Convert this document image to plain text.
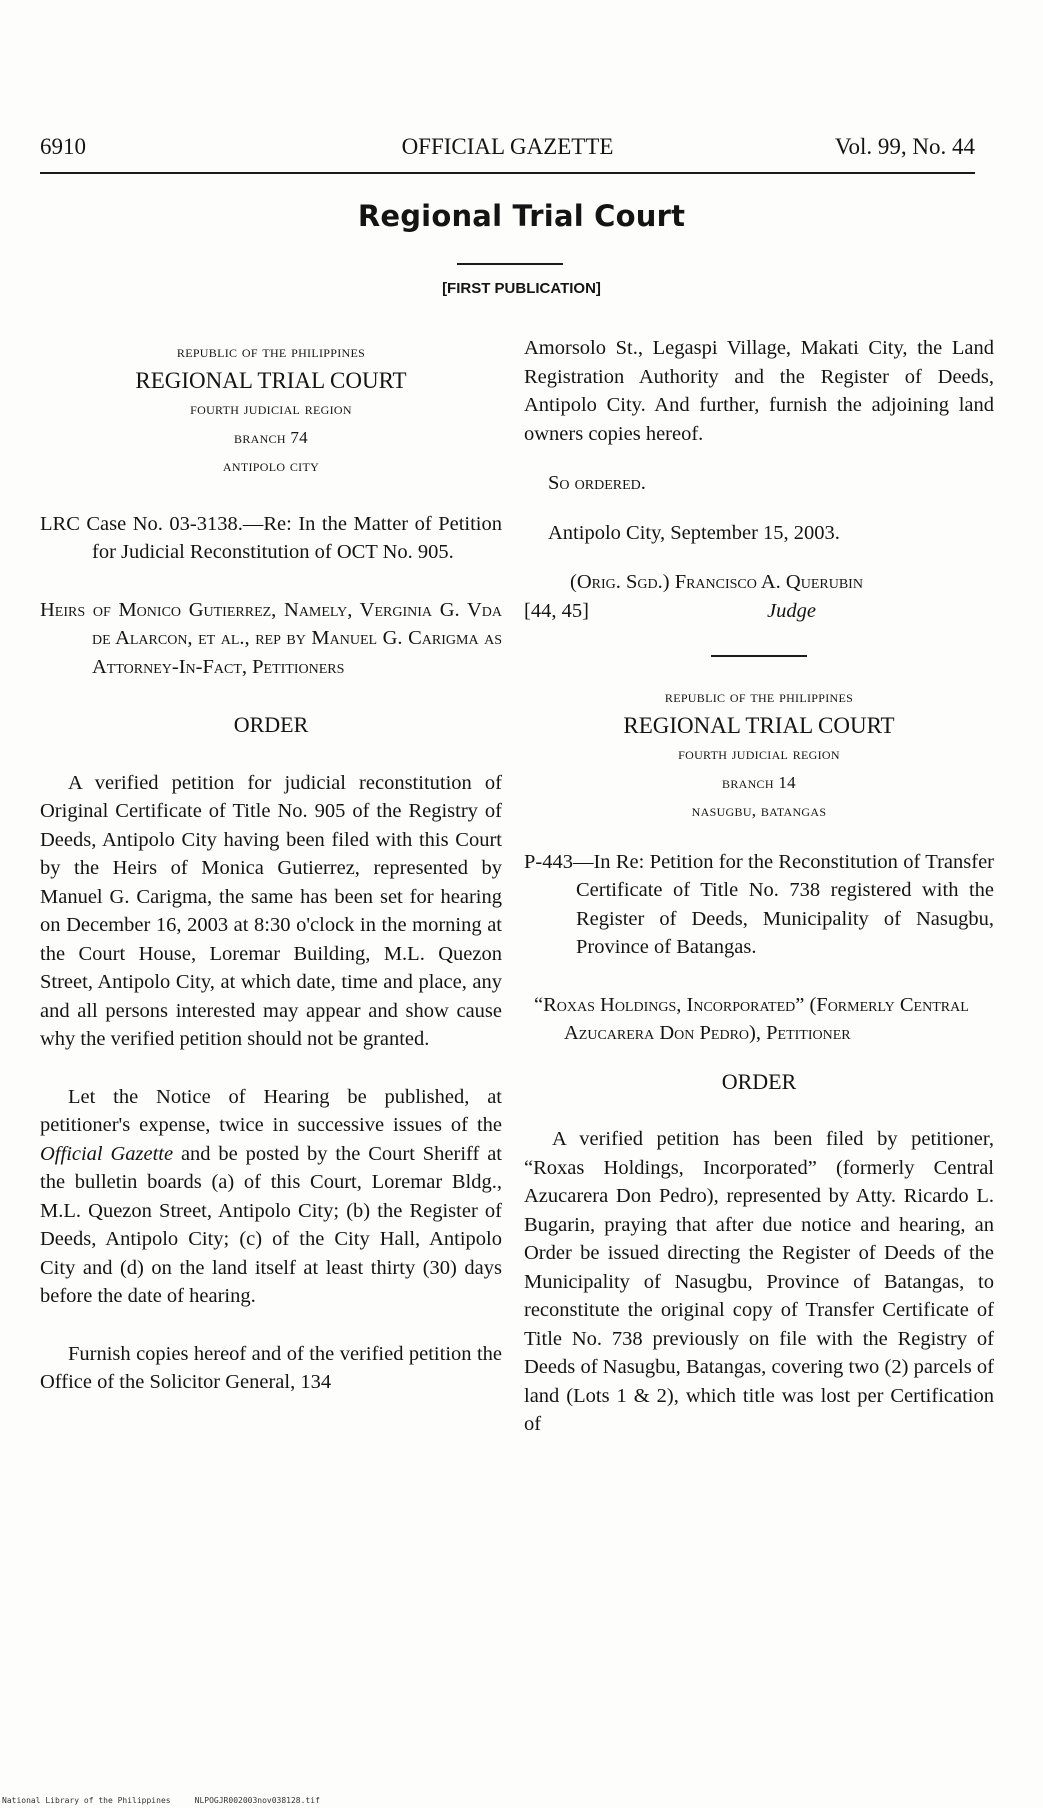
6910	OFFICIAL GAZETTE	Vol. 99, No. 44
Regional Trial Court
[FIRST PUBLICATION]
republic of the philippines
REGIONAL TRIAL COURT
fourth judicial region
branch 74
antipolo city

LRC Case No. 03-3138.—Re: In the Matter of Petition for Judicial Reconstitution of OCT No. 905.

Heirs of Monico Gutierrez, Namely, Verginia G. Vda de Alarcon, et al., rep by Manuel G. Carigma as Attorney-In-Fact, Petitioners

ORDER

A verified petition for judicial reconstitution of Original Certificate of Title No. 905 of the Registry of Deeds, Antipolo City having been filed with this Court by the Heirs of Monica Gutierrez, represented by Manuel G. Carigma, the same has been set for hearing on December 16, 2003 at 8:30 o'clock in the morning at the Court House, Loremar Building, M.L. Quezon Street, Antipolo City, at which date, time and place, any and all persons interested may appear and show cause why the verified petition should not be granted.

Let the Notice of Hearing be published, at petitioner's expense, twice in successive issues of the Official Gazette and be posted by the Court Sheriff at the bulletin boards (a) of this Court, Loremar Bldg., M.L. Quezon Street, Antipolo City; (b) the Register of Deeds, Antipolo City; (c) of the City Hall, Antipolo City and (d) on the land itself at least thirty (30) days before the date of hearing.

Furnish copies hereof and of the verified petition the Office of the Solicitor General, 134

Amorsolo St., Legaspi Village, Makati City, the Land Registration Authority and the Register of Deeds, Antipolo City. And further, furnish the adjoining land owners copies hereof.

So ordered.

Antipolo City, September 15, 2003.

(Orig. Sgd.) Francisco A. Querubin

[44, 45]	Judge
republic of the philippines
REGIONAL TRIAL COURT
fourth judicial region
branch 14
nasugbu, batangas

P-443—In Re: Petition for the Reconstitution of Transfer Certificate of Title No. 738 registered with the Register of Deeds, Municipality of Nasugbu, Province of Batangas.

“Roxas Holdings, Incorporated” (Formerly Central Azucarera Don Pedro), Petitioner

ORDER

A verified petition has been filed by petitioner, “Roxas Holdings, Incorporated” (formerly Central Azucarera Don Pedro), represented by Atty. Ricardo L. Bugarin, praying that after due notice and hearing, an Order be issued directing the Register of Deeds of the Municipality of Nasugbu, Province of Batangas, to reconstitute the original copy of Transfer Certificate of Title No. 738 previously on file with the Registry of Deeds of Nasugbu, Batangas, covering two (2) parcels of land (Lots 1 & 2), which title was lost per Certification of

National Library of the Philippines     NLPOGJR002003nov038128.tif
